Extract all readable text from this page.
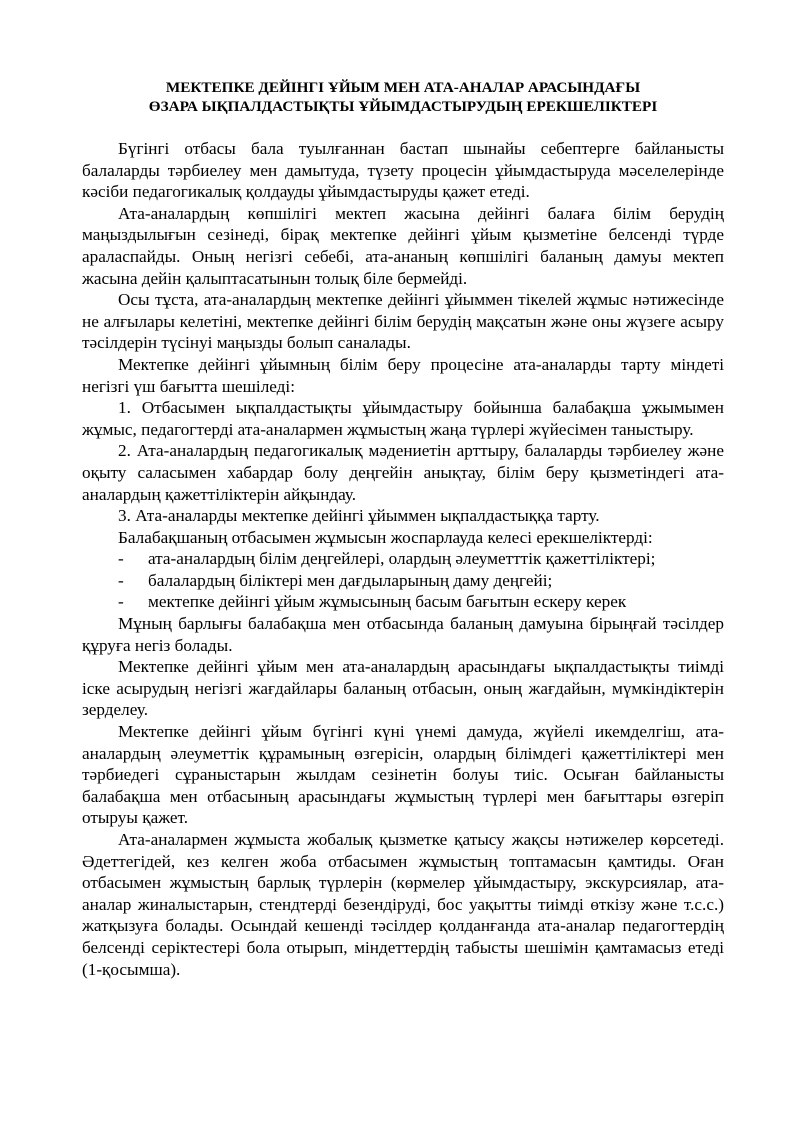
МЕКТЕПКЕ ДЕЙІНГІ ҰЙЫМ МЕН АТА-АНАЛАР АРАСЫНДАҒЫ
ӨЗАРА ЫҚПАЛДАСТЫҚТЫ ҰЙЫМДАСТЫРУДЫҢ ЕРЕКШЕЛІКТЕРІ

Бүгінгі отбасы бала туылғаннан бастап шынайы себептерге байланысты балаларды тәрбиелеу мен дамытуда, түзету процесін ұйымдастыруда мәселелерінде кәсіби педагогикалық қолдауды ұйымдастыруды қажет етеді.

Ата-аналардың көпшілігі мектеп жасына дейінгі балаға білім берудің маңыздылығын сезінеді, бірақ мектепке дейінгі ұйым қызметіне белсенді түрде араласпайды. Оның негізгі себебі, ата-ананың көпшілігі баланың дамуы мектеп жасына дейін қалыптасатынын толық біле бермейді.

Осы тұста, ата-аналардың мектепке дейінгі ұйыммен тікелей жұмыс нәтижесінде не алғылары келетіні, мектепке дейінгі білім берудің мақсатын және оны жүзеге асыру тәсілдерін түсінуі маңызды болып саналады.

Мектепке дейінгі ұйымның білім беру процесіне ата-аналарды тарту міндеті негізгі үш бағытта шешіледі:

1. Отбасымен ықпалдастықты ұйымдастыру бойынша балабақша ұжымымен жұмыс, педагогтерді ата-аналармен жұмыстың жаңа түрлері жүйесімен таныстыру.

2. Ата-аналардың педагогикалық мәдениетін арттыру, балаларды тәрбиелеу және оқыту саласымен хабардар болу деңгейін анықтау, білім беру қызметіндегі ата-аналардың қажеттіліктерін айқындау.

3. Ата-аналарды мектепке дейінгі ұйыммен ықпалдастыққа тарту.

Балабақшаның отбасымен жұмысын жоспарлауда келесі ерекшеліктерді:

-	ата-аналардың білім деңгейлері, олардың әлеуметттік қажеттіліктері;
-	балалардың біліктері мен дағдыларының даму деңгейі;
-	мектепке дейінгі ұйым жұмысының басым бағытын ескеру керек

Мұның барлығы балабақша мен отбасында баланың дамуына бірыңғай тәсілдер құруға негіз болады.

Мектепке дейінгі ұйым мен ата-аналардың арасындағы ықпалдастықты тиімді іске асырудың негізгі жағдайлары баланың отбасын, оның жағдайын, мүмкіндіктерін зерделеу.

Мектепке дейінгі ұйым бүгінгі күні үнемі дамуда, жүйелі икемделгіш, ата-аналардың әлеуметтік құрамының өзгерісін, олардың білімдегі қажеттіліктері мен тәрбиедегі сұраныстарын жылдам сезінетін болуы тиіс. Осыған байланысты балабақша мен отбасының арасындағы жұмыстың түрлері мен бағыттары өзгеріп отыруы қажет.

Ата-аналармен жұмыста жобалық қызметке қатысу жақсы нәтижелер көрсетеді. Әдеттегідей, кез келген жоба отбасымен жұмыстың топтамасын қамтиды. Оған отбасымен жұмыстың барлық түрлерін (көрмелер ұйымдастыру, экскурсиялар, ата-аналар жиналыстарын, стендтерді безендіруді, бос уақытты тиімді өткізу және т.с.с.) жатқызуға болады. Осындай кешенді тәсілдер қолданғанда ата-аналар педагогтердің белсенді серіктестері бола отырып, міндеттердің табысты шешімін қамтамасыз етеді (1-қосымша).
